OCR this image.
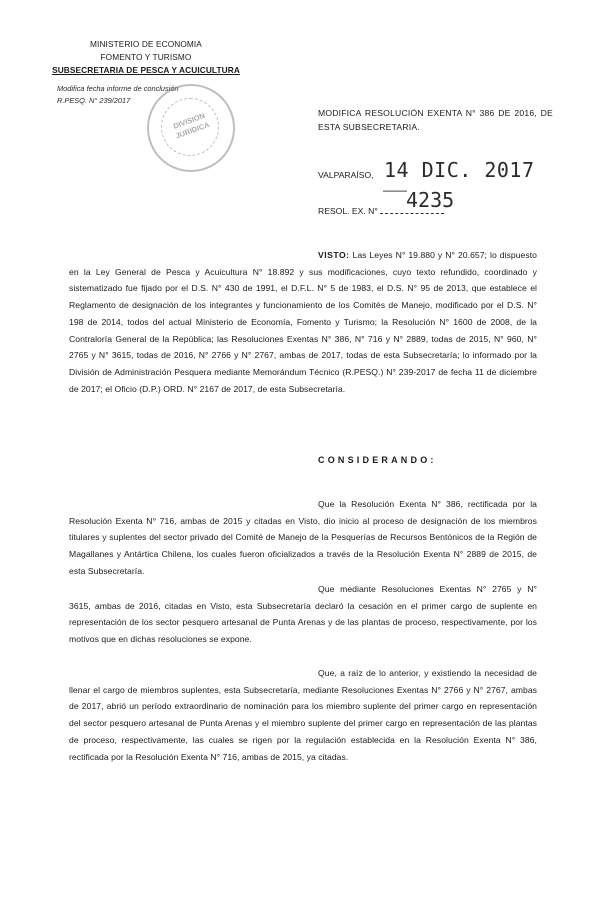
MINISTERIO DE ECONOMIA
FOMENTO Y TURISMO
SUBSECRETARIA DE PESCA Y ACUICULTURA
Modifica fecha informe de conclusión
R.PESQ. N° 239/2017
DIVISION JURIDICA
MODIFICA RESOLUCIÓN EXENTA N° 386 DE 2016, DE ESTA SUBSECRETARIA.
VALPARAÍSO, 14 DIC. 2017
——
RESOL. EX. N°	4235
VISTO: Las Leyes N° 19.880 y N° 20.657; lo dispuesto en la Ley General de Pesca y Acuicultura N° 18.892 y sus modificaciones, cuyo texto refundido, coordinado y sistematizado fue fijado por el D.S. N° 430 de 1991, el D.F.L. N° 5 de 1983, el D.S. N° 95 de 2013, que establece el Reglamento de designación de los integrantes y funcionamiento de los Comités de Manejo, modificado por el D.S. N° 198 de 2014, todos del actual Ministerio de Economía, Fomento y Turismo; la Resolución N° 1600 de 2008, de la Contraloría General de la República; las Resoluciones Exentas N° 386, N° 716 y N° 2889, todas de 2015, N° 960, N° 2765 y N° 3615, todas de 2016, N° 2766 y N° 2767, ambas de 2017, todas de esta Subsecretaría; lo informado por la División de Administración Pesquera mediante Memorándum Técnico (R.PESQ.) N° 239-2017 de fecha 11 de diciembre de 2017; el Oficio (D.P.) ORD. N° 2167 de 2017, de esta Subsecretaría.
CONSIDERANDO:
Que la Resolución Exenta N° 386, rectificada por la Resolución Exenta N° 716, ambas de 2015 y citadas en Visto, dio inicio al proceso de designación de los miembros titulares y suplentes del sector privado del Comité de Manejo de la Pesquerías de Recursos Bentónicos de la Región de Magallanes y Antártica Chilena, los cuales fueron oficializados a través de la Resolución Exenta N° 2889 de 2015, de esta Subsecretaría.
Que mediante Resoluciones Exentas N° 2765 y N° 3615, ambas de 2016, citadas en Visto, esta Subsecretaría declaró la cesación en el primer cargo de suplente en representación de los sector pesquero artesanal de Punta Arenas y de las plantas de proceso, respectivamente, por los motivos que en dichas resoluciones se expone.
Que, a raíz de lo anterior, y existiendo la necesidad de llenar el cargo de miembros suplentes, esta Subsecretaría, mediante Resoluciones Exentas N° 2766 y N° 2767, ambas de 2017, abrió un período extraordinario de nominación para los miembro suplente del primer cargo en representación del sector pesquero artesanal de Punta Arenas y el miembro suplente del primer cargo en representación de las plantas de proceso, respectivamente, las cuales se rigen por la regulación establecida en la Resolución Exenta N° 386, rectificada por la Resolución Exenta N° 716, ambas de 2015, ya citadas.
